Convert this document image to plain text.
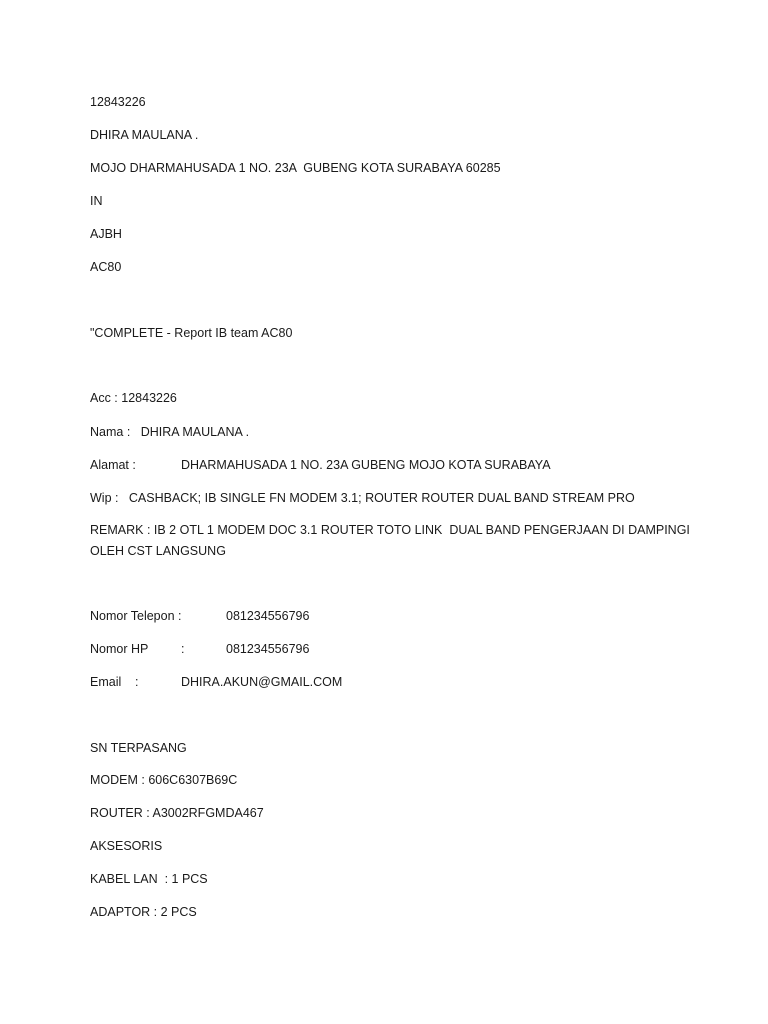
12843226
DHIRA MAULANA .
MOJO DHARMAHUSADA 1 NO. 23A  GUBENG KOTA SURABAYA 60285
IN
AJBH
AC80
"COMPLETE - Report IB team AC80
Acc : 12843226
Nama :   DHIRA MAULANA .
Alamat :	DHARMAHUSADA 1 NO. 23A GUBENG MOJO KOTA SURABAYA
Wip :   CASHBACK; IB SINGLE FN MODEM 3.1; ROUTER ROUTER DUAL BAND STREAM PRO
REMARK : IB 2 OTL 1 MODEM DOC 3.1 ROUTER TOTO LINK  DUAL BAND PENGERJAAN DI DAMPINGI
OLEH CST LANGSUNG
Nomor Telepon :	081234556796
Nomor HP	:	081234556796
Email :	DHIRA.AKUN@GMAIL.COM
SN TERPASANG
MODEM : 606C6307B69C
ROUTER : A3002RFGMDA467
AKSESORIS
KABEL LAN  : 1 PCS
ADAPTOR : 2 PCS
